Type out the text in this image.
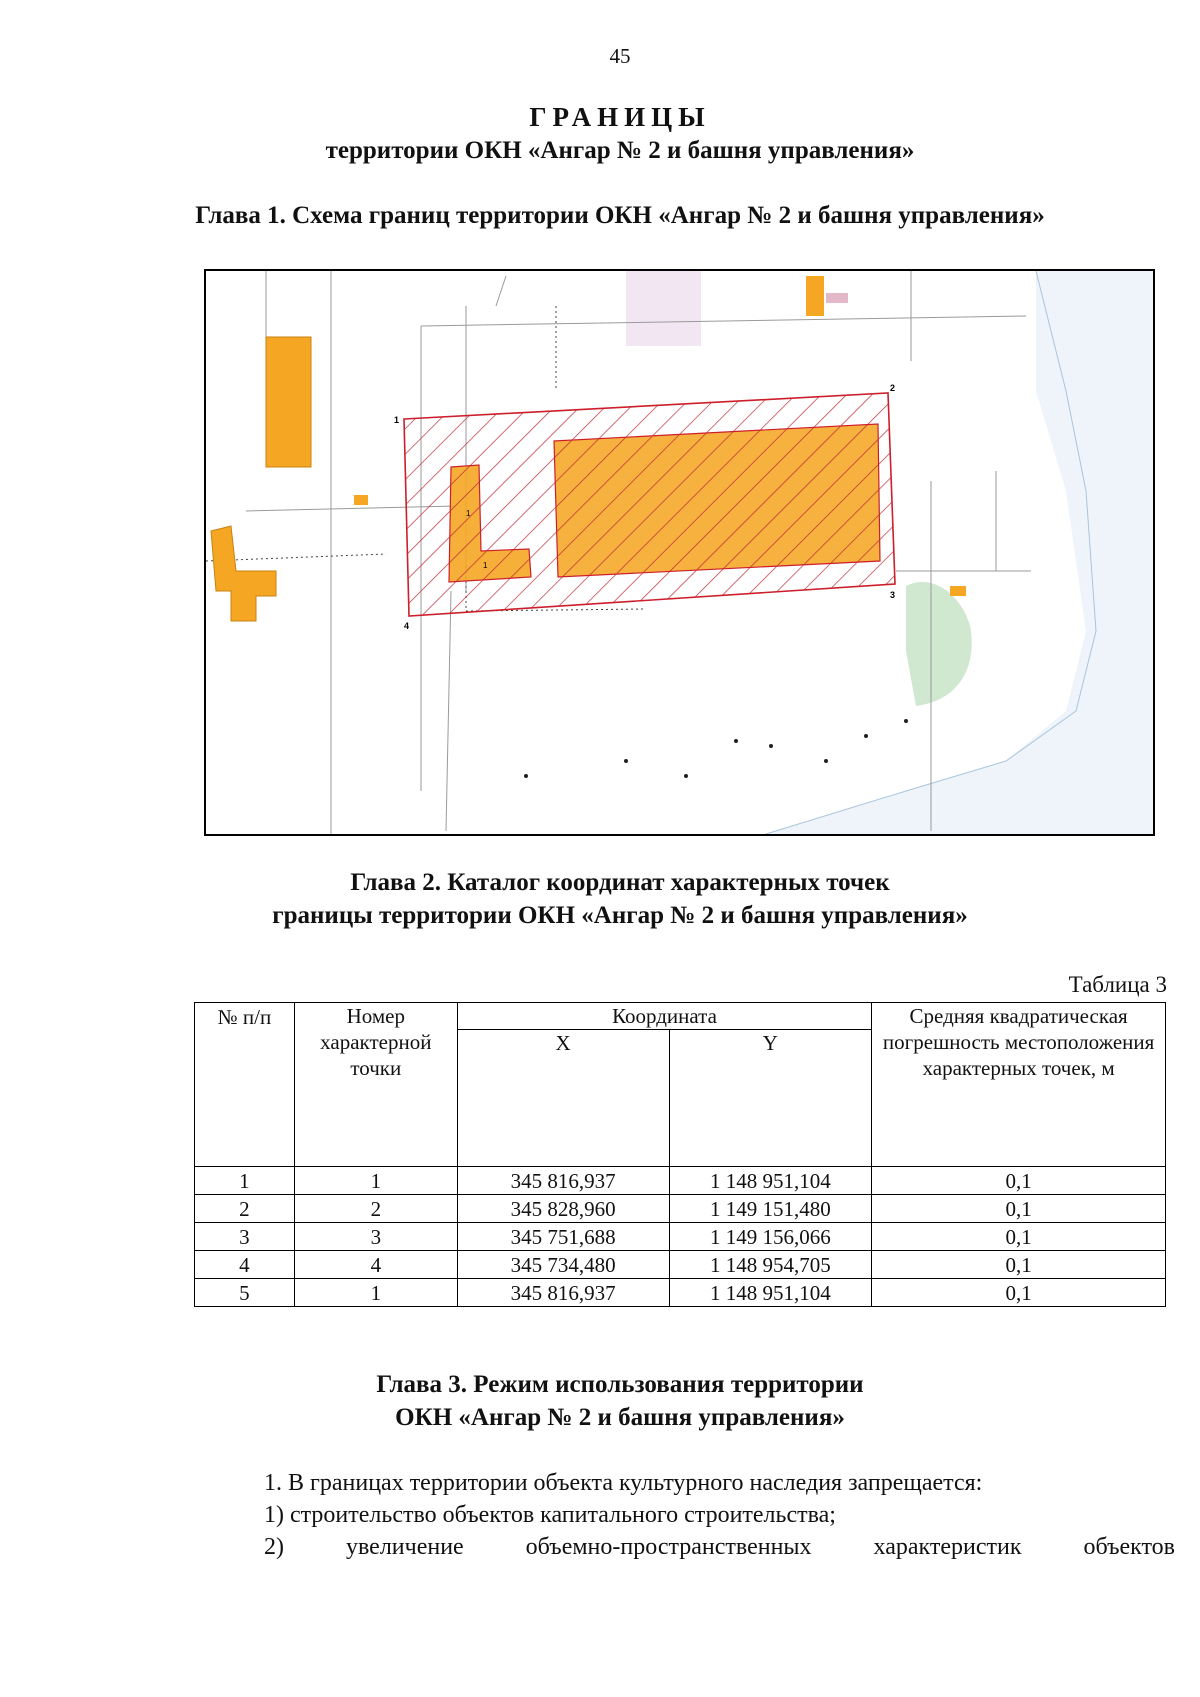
45
ГРАНИЦЫ
территории ОКН «Ангар № 2 и башня управления»
Глава 1. Схема границ территории ОКН «Ангар № 2 и башня управления»
1
2
3
4
1
1
Глава 2. Каталог координат характерных точек
границы территории ОКН «Ангар № 2 и башня управления»
Таблица 3
№ п/п	Номер характерной точки	Координата		Средняя квадратическая погрешность местоположения характерных точек, м
		X	Y	
1	1	345 816,937	1 148 951,104	0,1
2	2	345 828,960	1 149 151,480	0,1
3	3	345 751,688	1 149 156,066	0,1
4	4	345 734,480	1 148 954,705	0,1
5	1	345 816,937	1 148 951,104	0,1
Глава 3. Режим использования территории
ОКН «Ангар № 2 и башня управления»

1. В границах территории объекта культурного наследия запрещается:

1) строительство объектов капитального строительства;

2) увеличение объемно-пространственных характеристик объектов
